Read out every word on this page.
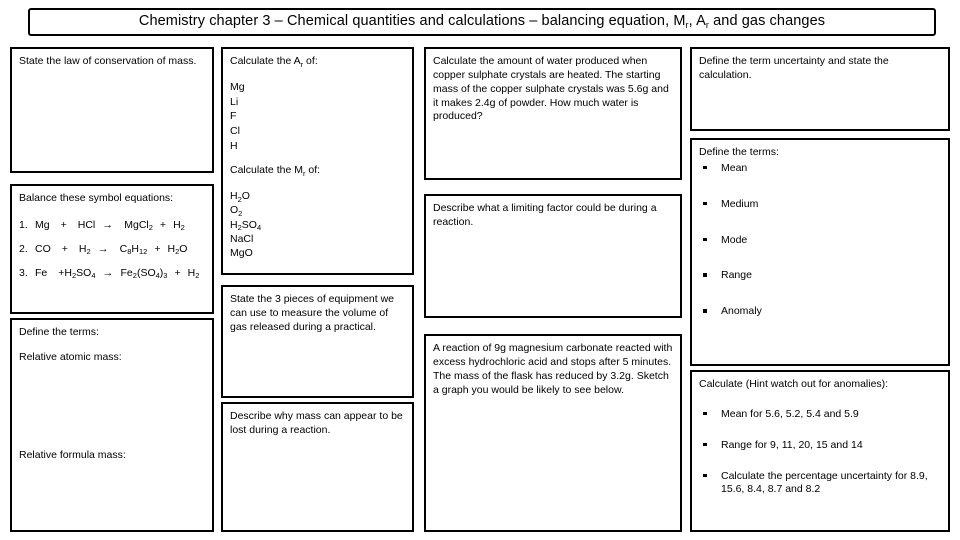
Chemistry chapter 3 – Chemical quantities and calculations – balancing equation, $M_r$, $A_r$ and gas changes

State the law of conservation of mass.

Balance these symbol equations:

1. Mg + HCl → MgCl$_2$ + $H_2$
2. CO + $H_2 \to C_8H_{12} + H_2O$
3. $Fe +H_2SO_4 \to Fe_2(SO_4)_3 + H_2$

Define the terms:

Relative atomic mass:

Relative formula mass:

Calculate the $A_r$ of:

Mg

Li

F

Cl

H

Calculate the $M_r$ of:

$H_2O$

$O_2$

$H_2SO_4$

NaCl

MgO

State the 3 pieces of equipment we can use to measure the volume of gas released during a practical.

Describe why mass can appear to be lost during a reaction.

Calculate the amount of water produced when copper sulphate crystals are heated. The starting mass of the copper sulphate crystals was 5.6g and it makes 2.4g of powder. How much water is produced?

Describe what a limiting factor could be during a reaction.

A reaction of 9g magnesium carbonate reacted with excess hydrochloric acid and stops after 5 minutes. The mass of the flask has reduced by 3.2g. Sketch a graph you would be likely to see below.

Define the term uncertainty and state the calculation.

Define the terms:

Mean
Medium
Mode
Range
Anomaly

Calculate (Hint watch out for anomalies):

Mean for 5.6, 5.2, 5.4 and 5.9
Range for 9, 11, 20, 15 and 14
Calculate the percentage uncertainty for 8.9, 15.6, 8.4, 8.7 and 8.2
